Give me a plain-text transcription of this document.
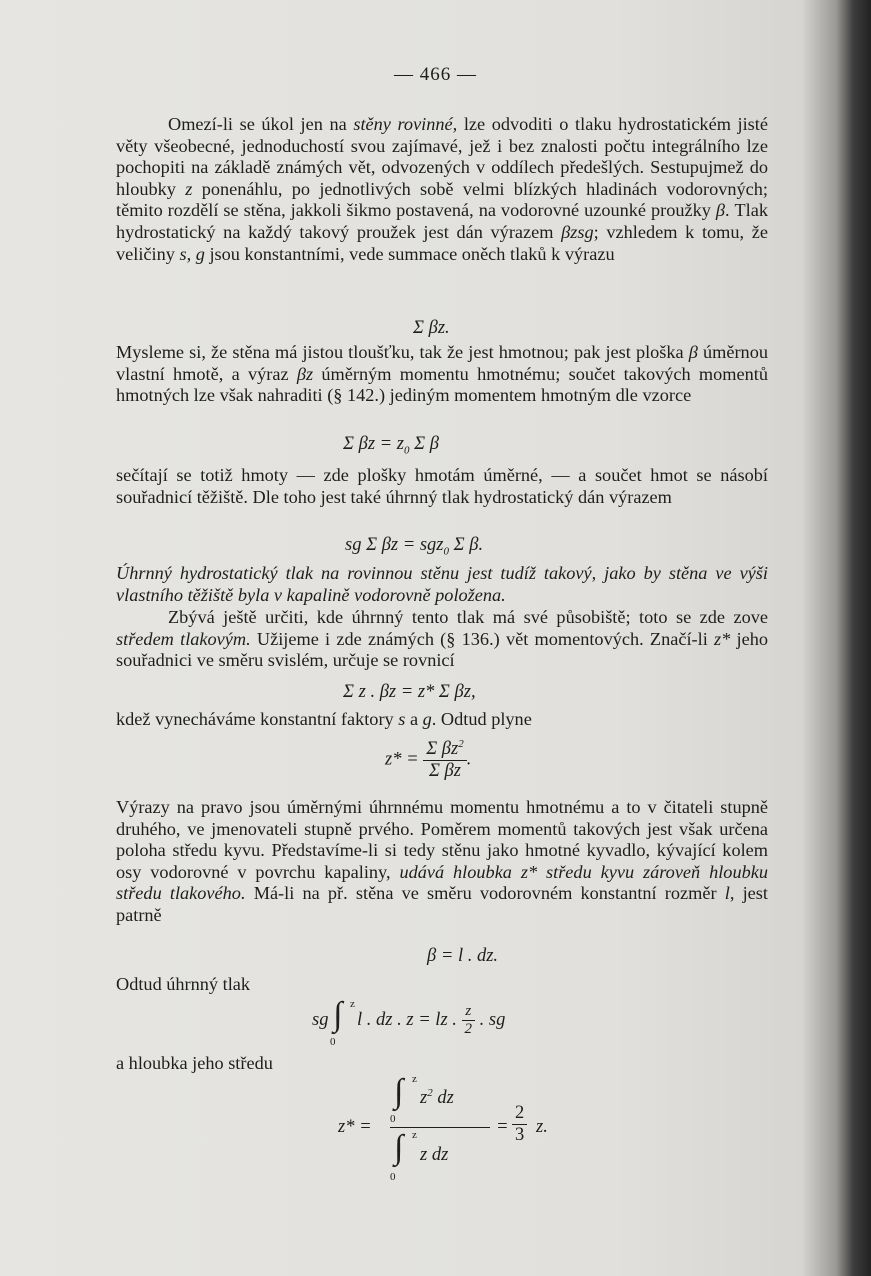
— 466 —

Omezí-li se úkol jen na stěny rovinné, lze odvoditi o tlaku hydrostatickém jisté věty všeobecné, jednoduchostí svou zajímavé, jež i bez znalosti počtu integrálního lze pochopiti na základě známých vět, odvozených v oddílech předešlých. Sestupujmež do hloubky z ponenáhlu, po jednotlivých sobě velmi blízkých hladinách vodorovných; těmito rozdělí se stěna, jakkoli šikmo postavená, na vodorovné uzounké proužky β. Tlak hydrostatický na každý takový proužek jest dán výrazem βzsg; vzhledem k tomu, že veličiny s, g jsou konstantními, vede summace oněch tlaků k výrazu

Σ βz.

Mysleme si, že stěna má jistou tloušťku, tak že jest hmotnou; pak jest ploška β úměrnou vlastní hmotě, a výraz βz úměrným momentu hmotnému; součet takových momentů hmotných lze však nahraditi (§ 142.) jediným momentem hmotným dle vzorce

Σ $\beta z = z_0$ Σ β

sečítají se totiž hmoty — zde plošky hmotám úměrné, — a součet hmot se násobí souřadnicí těžiště. Dle toho jest také úhrnný tlak hydrostatický dán výrazem

sg Σ βz = sgz$_0$ Σ β.

Úhrnný hydrostatický tlak na rovinnou stěnu jest tudíž takový, jako by stěna ve výši vlastního těžiště byla v kapalině vodorovně položena.

Zbývá ještě určiti, kde úhrnný tento tlak má své působiště; toto se zde zove středem tlakovým. Užijeme i zde známých (§ 136.) vět momentových. Značí-li z* jeho souřadnici ve směru svislém, určuje se rovnicí

Σ z . βz = z* Σ βz,

kdež vynecháváme konstantní faktory s a g. Odtud plyne

$z* = \frac{\Sigma \beta z^2}{\text{Σ βz}}$ .

Výrazy na pravo jsou úměrnými úhrnnému momentu hmotnému a to v čitateli stupně druhého, ve jmenovateli stupně prvého. Poměrem momentů takových jest však určena poloha středu kyvu. Představíme-li si tedy stěnu jako hmotné kyvadlo, kývající kolem osy vodorovné v povrchu kapaliny, udává hloubka z* středu kyvu zároveň hloubku středu tlakového. Má-li na př. stěna ve směru vodorovném konstantní rozměr l, jest patrně

β = l . dz.

Odtud úhrnný tlak

sg ∫ z
0
l . dz . z = lz . $\frac{z}{2}$ . sg

a hloubka jeho středu

z* =
∫ z
0
$z^2$ dz
∫ z
0
z dz
= $\frac{2}{3} z$.
